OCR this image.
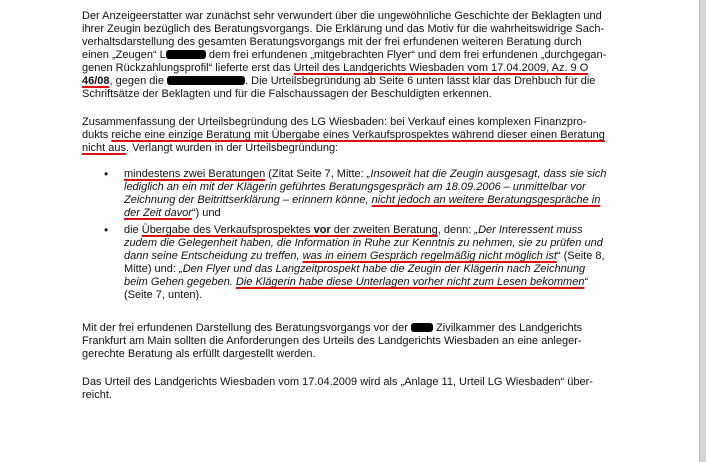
Der Anzeigeerstatter war zunächst sehr verwundert über die ungewöhnliche Geschichte der Beklagten und
ihrer Zeugin bezüglich des Beratungsvorgangs. Die Erklärung und das Motiv für die wahrheitswidrige Sach-
verhaltsdarstellung des gesamten Beratungsvorgangs mit der frei erfundenen weiteren Beratung durch
einen „Zeugen“ L	dem frei erfundenen „mitgebrachten Flyer“ und dem frei erfundenen „durchgegan-
genen Rückzahlungsprofil“ lieferte erst das Urteil des Landgerichts Wiesbaden vom 17.04.2009, Az. 9 O
46/08, gegen die	. Die Urteilsbegründung ab Seite 6 unten lässt klar das Drehbuch für die
Schriftsätze der Beklagten und für die Falschaussagen der Beschuldigten erkennen.
Zusammenfassung der Urteilsbegründung des LG Wiesbaden: bei Verkauf eines komplexen Finanzpro-
dukts reiche eine einzige Beratung mit Übergabe eines Verkaufsprospektes während dieser einen Beratung
nicht aus. Verlangt wurden in der Urteilsbegründung:
• mindestens zwei Beratungen (Zitat Seite 7, Mitte: „Insoweit hat die Zeugin ausgesagt, dass sie sich
lediglich an ein mit der Klägerin geführtes Beratungsgespräch am 18.09.2006 – unmittelbar vor
Zeichnung der Beitrittserklärung – erinnern könne, nicht jedoch an weitere Beratungsgespräche in
der Zeit davor“) und
• die Übergabe des Verkaufsprospektes vor der zweiten Beratung, denn: „Der Interessent muss
zudem die Gelegenheit haben, die Information in Ruhe zur Kenntnis zu nehmen, sie zu prüfen und
dann seine Entscheidung zu treffen, was in einem Gespräch regelmäßig nicht möglich ist“ (Seite 8,
Mitte) und: „Den Flyer und das Langzeitprospekt habe die Zeugin der Klägerin nach Zeichnung
beim Gehen gegeben. Die Klägerin habe diese Unterlagen vorher nicht zum Lesen bekommen“
(Seite 7, unten).
Mit der frei erfundenen Darstellung des Beratungsvorgangs vor der  Zivilkammer des Landgerichts
Frankfurt am Main sollten die Anforderungen des Urteils des Landgerichts Wiesbaden an eine anleger-
gerechte Beratung als erfüllt dargestellt werden.
Das Urteil des Landgerichts Wiesbaden vom 17.04.2009 wird als „Anlage 11, Urteil LG Wiesbaden“ über-
reicht.
